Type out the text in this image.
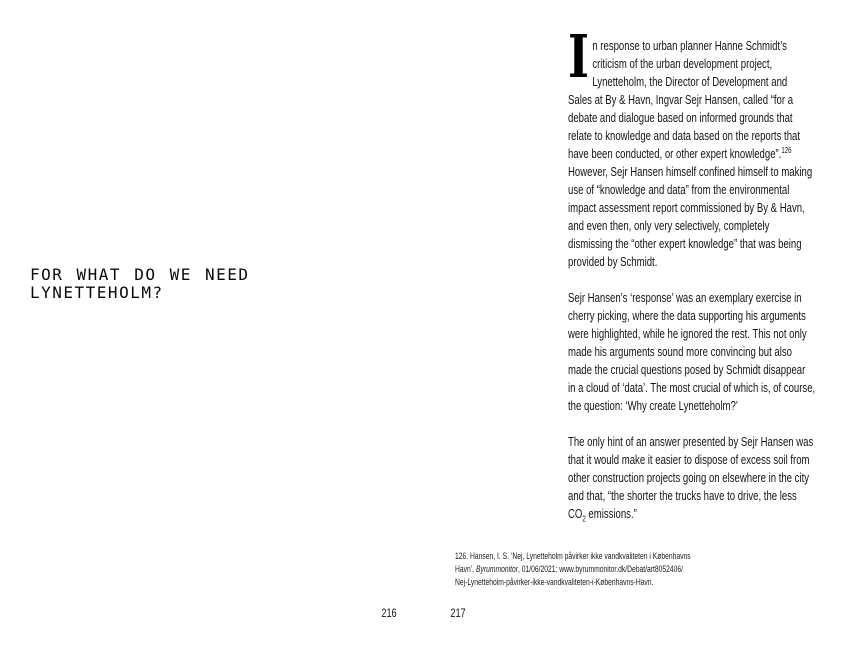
FOR WHAT DO WE NEED
LYNETTEHOLM?
I n response to urban planner Hanne Schmidt’s
criticism of the urban development project,
Lynetteholm, the Director of Development and
Sales at By & Havn, Ingvar Sejr Hansen, called “for a
debate and dialogue based on informed grounds that
relate to knowledge and data based on the reports that
have been conducted, or other expert knowledge”.$^{126}$
However, Sejr Hansen himself confined himself to making
use of “knowledge and data” from the environmental
impact assessment report commissioned by By & Havn,
and even then, only very selectively, completely
dismissing the “other expert knowledge” that was being
provided by Schmidt.
Sejr Hansen’s ‘response’ was an exemplary exercise in
cherry picking, where the data supporting his arguments
were highlighted, while he ignored the rest. This not only
made his arguments sound more convincing but also
made the crucial questions posed by Schmidt disappear
in a cloud of ‘data’. The most crucial of which is, of course,
the question: ‘Why create Lynetteholm?’
The only hint of an answer presented by Sejr Hansen was
that it would make it easier to dispose of excess soil from
other construction projects going on elsewhere in the city
and that, “the shorter the trucks have to drive, the less
$CO_2$ emissions.”
126. Hansen, I. S. ‘Nej, Lynetteholm påvirker ikke vandkvaliteten i Københavns
Havn’. Byrummonitor, 01/06/2021: www.byrummonitor.dk/Debat/art8052406/
Nej-Lynetteholm-påvirker-ikke-vandkvaliteten-i-Københavns-Havn.
216	217
